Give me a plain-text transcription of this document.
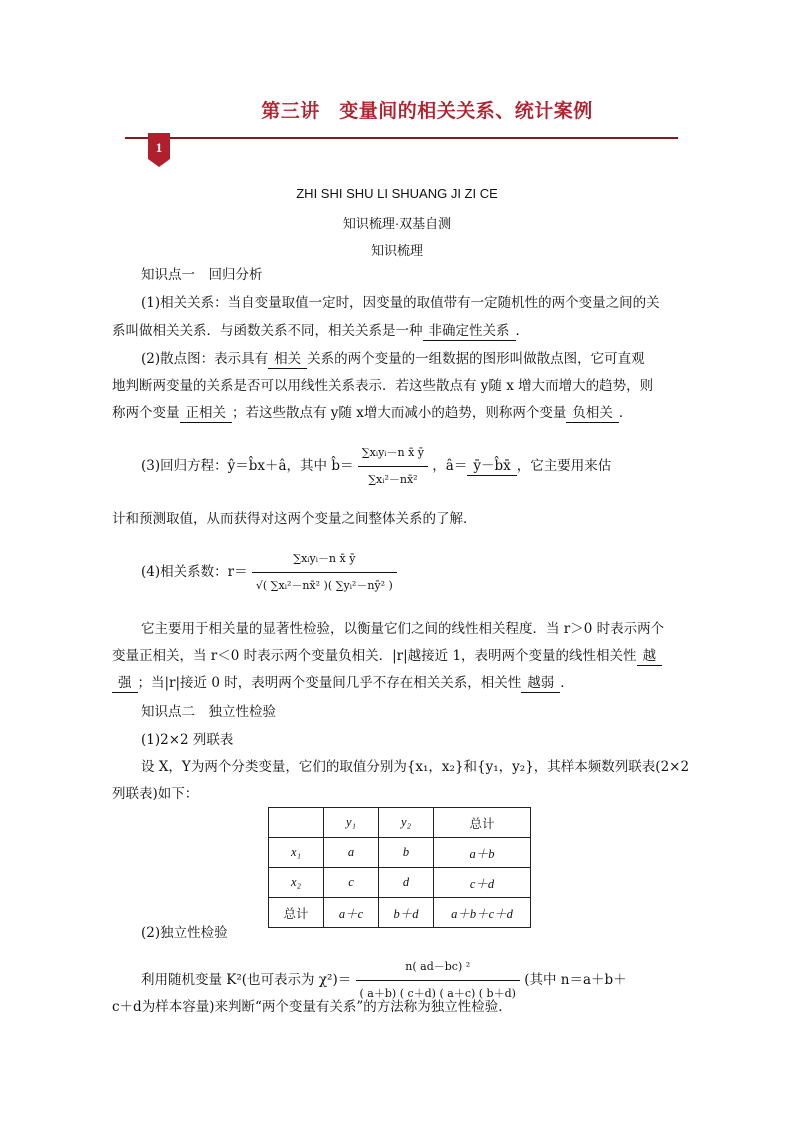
第三讲　变量间的相关关系、统计案例
1
ZHI SHI SHU LI SHUANG JI ZI CE
知识梳理·双基自测
知识梳理
知识点一　回归分析
(1)相关关系：当自变量取值一定时，因变量的取值带有一定随机性的两个变量之间的关
系叫做相关关系．与函数关系不同，相关关系是一种 非确定性关系 ．
(2)散点图：表示具有 相关 关系的两个变量的一组数据的图形叫做散点图，它可直观
地判断两变量的关系是否可以用线性关系表示．若这些散点有 y随 x 增大而增大的趋势，则
称两个变量 正相关 ；若这些散点有 y随 x增大而减小的趋势，则称两个变量 负相关 ．
(3)回归方程：ŷ＝b̂x＋â，其中 b̂＝ $\frac{\text{∑xᵢyᵢ－n x̄ ȳ}}{\text{∑xᵢ²－nx̄²}}$ ，â＝ ȳ－b̂x̄ ，它主要用来估
计和预测取值，从而获得对这两个变量之间整体关系的了解．
(4)相关系数：$r= \frac{\text{∑xᵢyᵢ－n x̄ ȳ}}{\text{√( ∑xᵢ²－nx̄² )( ∑yᵢ²－nȳ² )}}$
它主要用于相关量的显著性检验，以衡量它们之间的线性相关程度．当 r＞0 时表示两个
变量正相关，当 r＜0 时表示两个变量负相关．|r|越接近 1，表明两个变量的线性相关性 越
强 ；当|r|接近 0 时，表明两个变量间几乎不存在相关关系，相关性 越弱 ．
知识点二　独立性检验
(1)2×2 列联表
设 X，Y为两个分类变量，它们的取值分别为{x₁，x₂}和{y₁，y₂}，其样本频数列联表(2×2
列联表)如下：
	y₁	y₂	总计
x₁	a	b	a＋b
x₂	c	d	c＋d
总计	a＋c	b＋d	a＋b＋c＋d
(2)独立性检验
利用随机变量 K²(也可表示为 $\chi^2)= \frac{\text{n( ad－bc) ²}}{( a+b) ( c+d) ( a+c) ( b+d)}$ (其中 n＝a＋b＋
c＋d为样本容量)来判断“两个变量有关系”的方法称为独立性检验．
